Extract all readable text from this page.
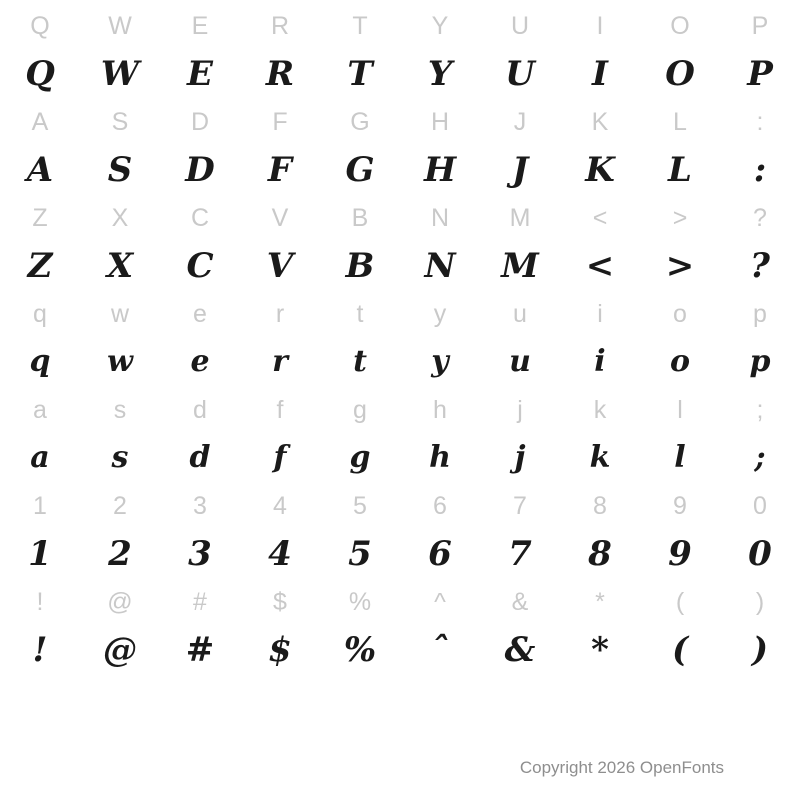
Q	W	E	R	T	Y	U	I	O	P
Q	W	E	R	T	Y	U	I	O	P
A	S	D	F	G	H	J	K	L	:
A	S	D	F	G	H	J	K	L	:
Z	X	C	V	B	N	M	<	>	?
Z	X	C	V	B	N	M	<	>	?
q	w	e	r	t	y	u	i	o	p
q	w	e	r	t	y	u	i	o	p
a	s	d	f	g	h	j	k	l	;
a	s	d	f	g	h	j	k	l	;
1	2	3	4	5	6	7	8	9	0
1	2	3	4	5	6	7	8	9	0
!	@	#	$	%	^	&	*	(	)
!	@	#	$	%	ˆ	&	*	(	)
Copyright 2026 OpenFonts
